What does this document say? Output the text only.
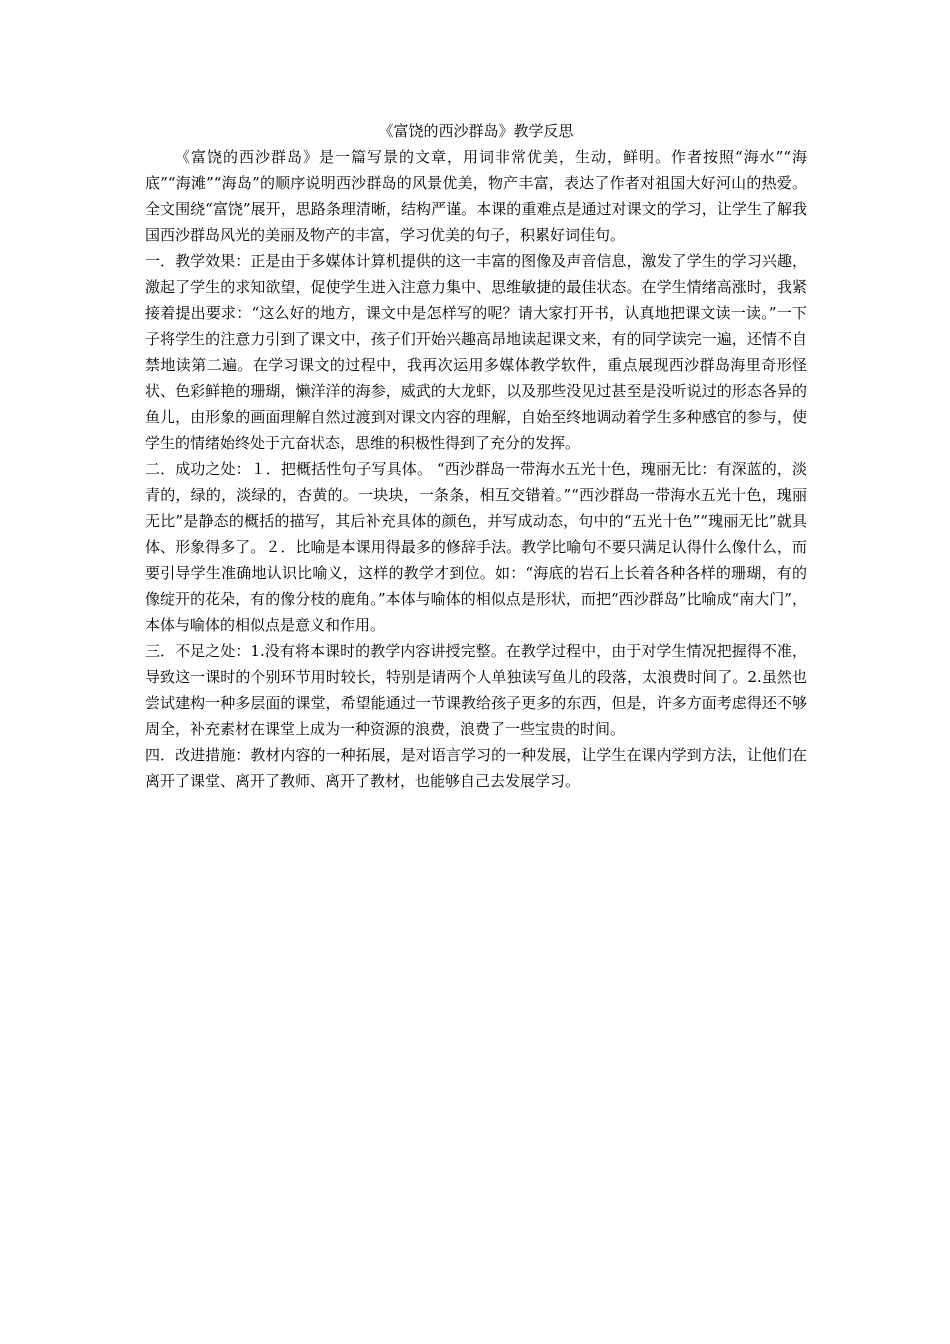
《富饶的西沙群岛》教学反思

《富饶的西沙群岛》是一篇写景的文章，用词非常优美，生动，鲜明。作者按照“海水”“海底”“海滩”“海岛”的顺序说明西沙群岛的风景优美，物产丰富，表达了作者对祖国大好河山的热爱。全文围绕“富饶”展开，思路条理清晰，结构严谨。本课的重难点是通过对课文的学习，让学生了解我国西沙群岛风光的美丽及物产的丰富，学习优美的句子，积累好词佳句。

一．教学效果：正是由于多媒体计算机提供的这一丰富的图像及声音信息，激发了学生的学习兴趣，激起了学生的求知欲望，促使学生进入注意力集中、思维敏捷的最佳状态。在学生情绪高涨时，我紧接着提出要求：“这么好的地方，课文中是怎样写的呢？请大家打开书，认真地把课文读一读。”一下子将学生的注意力引到了课文中，孩子们开始兴趣高昂地读起课文来，有的同学读完一遍，还情不自禁地读第二遍。在学习课文的过程中，我再次运用多媒体教学软件，重点展现西沙群岛海里奇形怪状、色彩鲜艳的珊瑚，懒洋洋的海参，威武的大龙虾，以及那些没见过甚至是没听说过的形态各异的鱼儿，由形象的画面理解自然过渡到对课文内容的理解，自始至终地调动着学生多种感官的参与，使学生的情绪始终处于亢奋状态，思维的积极性得到了充分的发挥。

二．成功之处：１．把概括性句子写具体。 “西沙群岛一带海水五光十色，瑰丽无比：有深蓝的，淡青的，绿的，淡绿的，杏黄的。一块块，一条条，相互交错着。”“西沙群岛一带海水五光十色，瑰丽无比”是静态的概括的描写，其后补充具体的颜色，并写成动态，句中的“五光十色”“瑰丽无比”就具体、形象得多了。２．比喻是本课用得最多的修辞手法。教学比喻句不要只满足认得什么像什么，而要引导学生准确地认识比喻义，这样的教学才到位。如：“海底的岩石上长着各种各样的珊瑚，有的像绽开的花朵，有的像分枝的鹿角。”本体与喻体的相似点是形状，而把“西沙群岛”比喻成“南大门”，本体与喻体的相似点是意义和作用。

三．不足之处：1.没有将本课时的教学内容讲授完整。在教学过程中，由于对学生情况把握得不准，导致这一课时的个别环节用时较长，特别是请两个人单独读写鱼儿的段落，太浪费时间了。2.虽然也尝试建构一种多层面的课堂，希望能通过一节课教给孩子更多的东西，但是，许多方面考虑得还不够周全，补充素材在课堂上成为一种资源的浪费，浪费了一些宝贵的时间。

四．改进措施：教材内容的一种拓展，是对语言学习的一种发展，让学生在课内学到方法，让他们在离开了课堂、离开了教师、离开了教材，也能够自己去发展学习。
